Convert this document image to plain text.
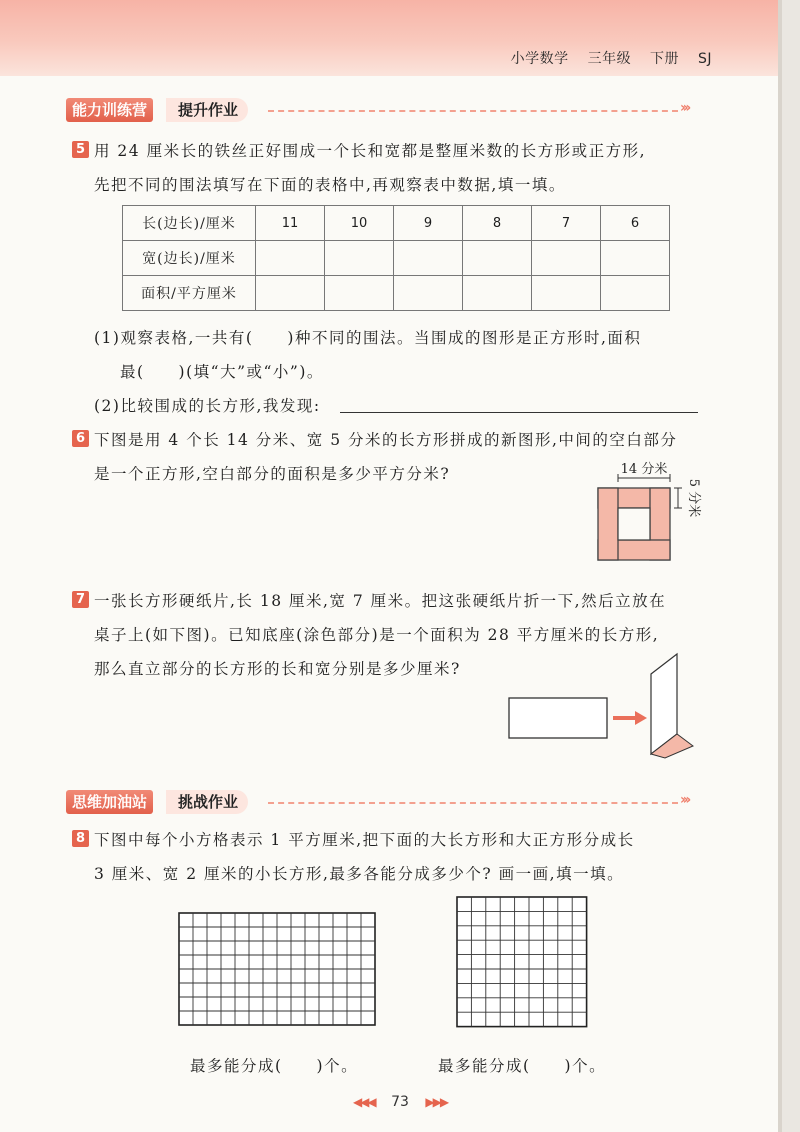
小学数学 三年级 下册 SJ
能力训练营	提升作业	›››
5 用 24 厘米长的铁丝正好围成一个长和宽都是整厘米数的长方形或正方形,
先把不同的围法填写在下面的表格中,再观察表中数据,填一填。
长(边长)/厘米	11	10	9	8	7	6
宽(边长)/厘米						
面积/平方厘米						
(1)观察表格,一共有(　　)种不同的围法。当围成的图形是正方形时,面积
最(　　)(填“大”或“小”)。
(2)比较围成的长方形,我发现:
6 下图是用 4 个长 14 分米、宽 5 分米的长方形拼成的新图形,中间的空白部分
是一个正方形,空白部分的面积是多少平方分米?	14 分米
5 分米
7 一张长方形硬纸片,长 18 厘米,宽 7 厘米。把这张硬纸片折一下,然后立放在
桌子上(如下图)。已知底座(涂色部分)是一个面积为 28 平方厘米的长方形,
那么直立部分的长方形的长和宽分别是多少厘米?
思维加油站	挑战作业	›››
8 下图中每个小方格表示 1 平方厘米,把下面的大长方形和大正方形分成长
3 厘米、宽 2 厘米的小长方形,最多各能分成多少个? 画一画,填一填。
最多能分成(　　)个。	最多能分成(　　)个。
◀◀◀ 73 ▶▶▶
